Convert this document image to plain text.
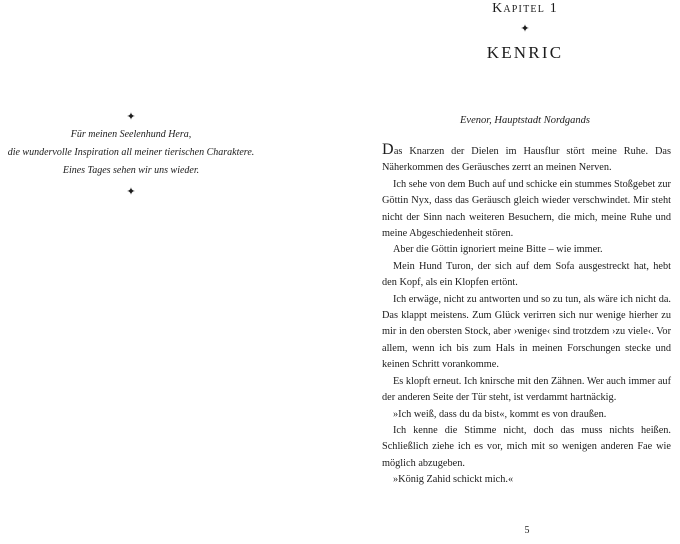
✦
Für meinen Seelenhund Hera,
die wundervolle Inspiration all meiner tierischen Charaktere.
Eines Tages sehen wir uns wieder.
✦
Kapitel 1
✦
KENRIC
Evenor, Hauptstadt Nordgands

Das Knarzen der Dielen im Hausflur stört meine Ruhe. Das Näherkommen des Geräusches zerrt an meinen Nerven.

Ich sehe von dem Buch auf und schicke ein stummes Stoßgebet zur Göttin Nyx, dass das Geräusch gleich wieder verschwindet. Mir steht nicht der Sinn nach weiteren Besuchern, die mich, meine Ruhe und meine Abgeschiedenheit stören.

Aber die Göttin ignoriert meine Bitte – wie immer.

Mein Hund Turon, der sich auf dem Sofa ausgestreckt hat, hebt den Kopf, als ein Klopfen ertönt.

Ich erwäge, nicht zu antworten und so zu tun, als wäre ich nicht da. Das klappt meistens. Zum Glück verirren sich nur wenige hierher zu mir in den obersten Stock, aber ›wenige‹ sind trotzdem ›zu viele‹. Vor allem, wenn ich bis zum Hals in meinen Forschungen stecke und keinen Schritt vorankomme.

Es klopft erneut. Ich knirsche mit den Zähnen. Wer auch immer auf der anderen Seite der Tür steht, ist verdammt hartnäckig.

»Ich weiß, dass du da bist«, kommt es von draußen.

Ich kenne die Stimme nicht, doch das muss nichts heißen. Schließlich ziehe ich es vor, mich mit so wenigen anderen Fae wie möglich abzugeben.

»König Zahid schickt mich.«

5
